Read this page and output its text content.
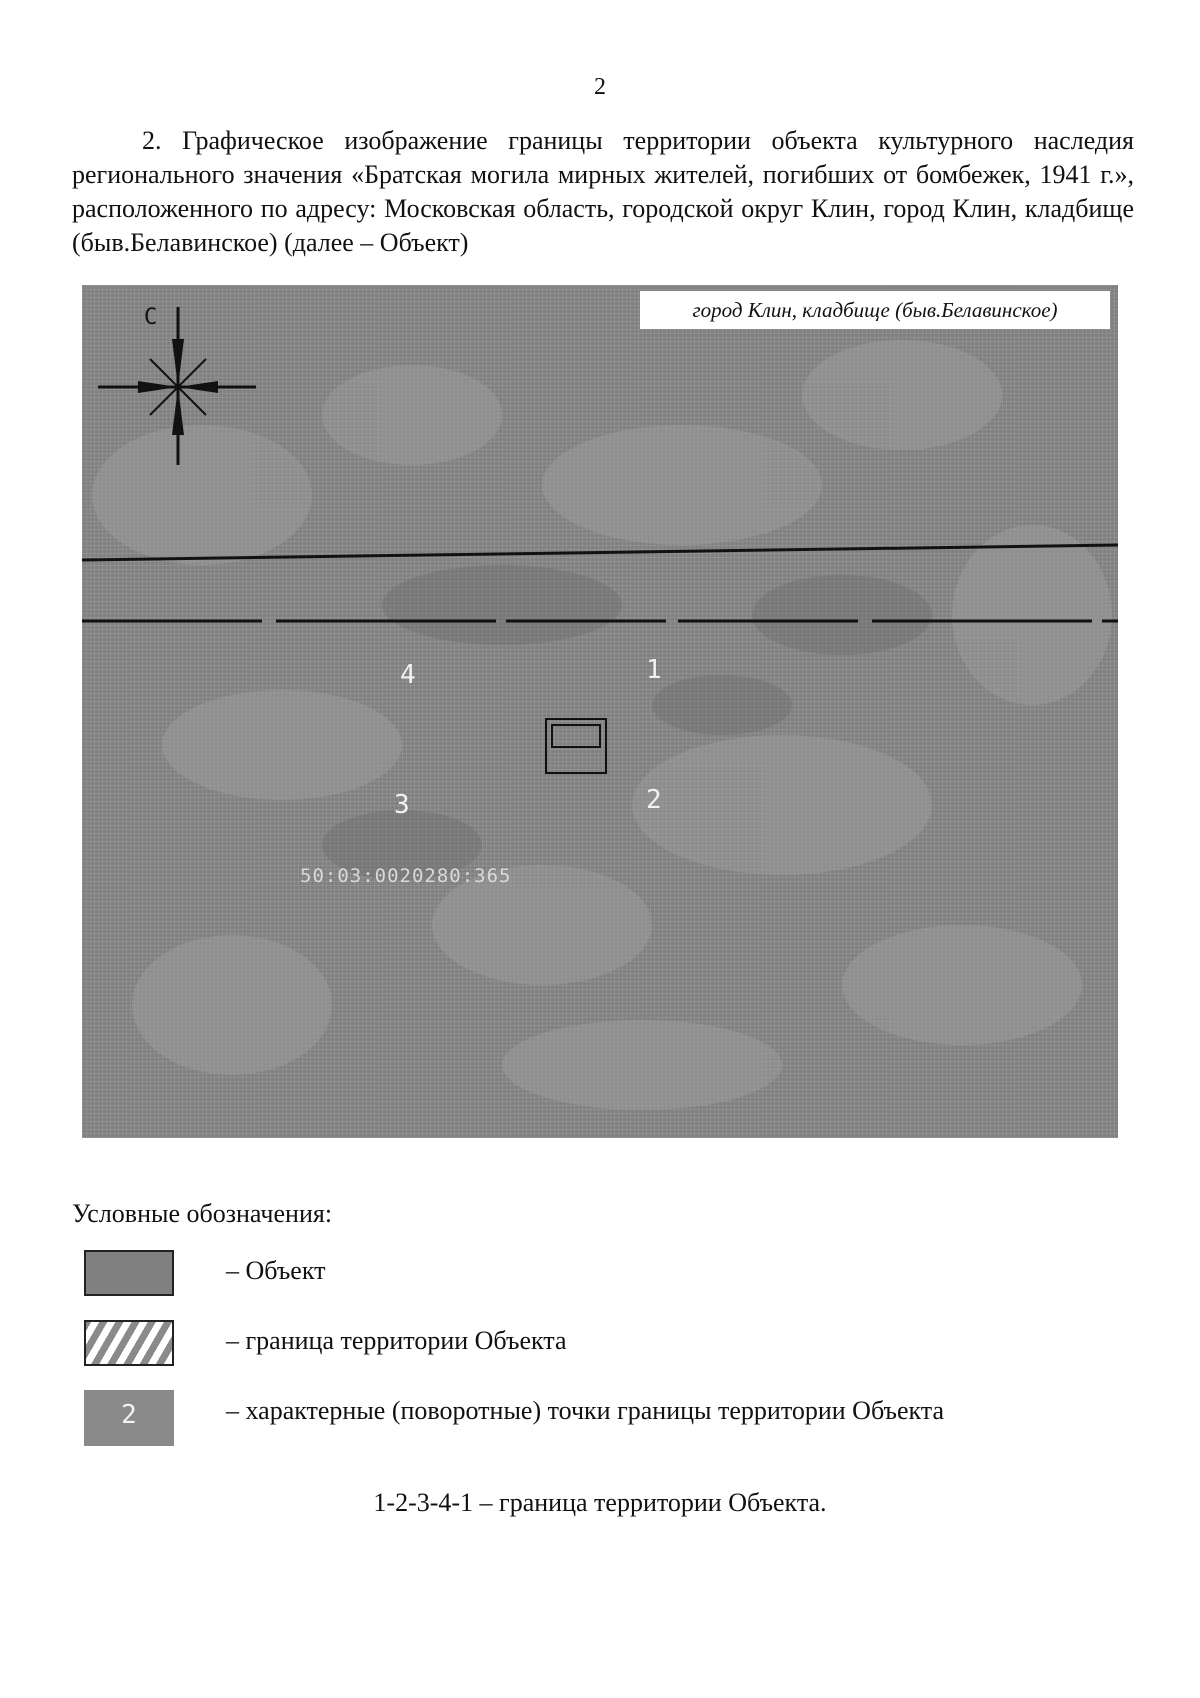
2

2. Графическое изображение границы территории объекта культурного наследия регионального значения «Братская могила мирных жителей, погибших от бомбежек, 1941 г.», расположенного по адресу: Московская область, городской округ Клин, город Клин, кладбище (быв.Белавинское) (далее – Объект)

С	город Клин, кладбище (быв.Белавинское)
1
2
3
4
50:03:0020280:365
Условные обозначения:
– Объект
– граница территории Объекта
2	– характерные (поворотные) точки границы территории Объекта
1-2-3-4-1 – граница территории Объекта.
